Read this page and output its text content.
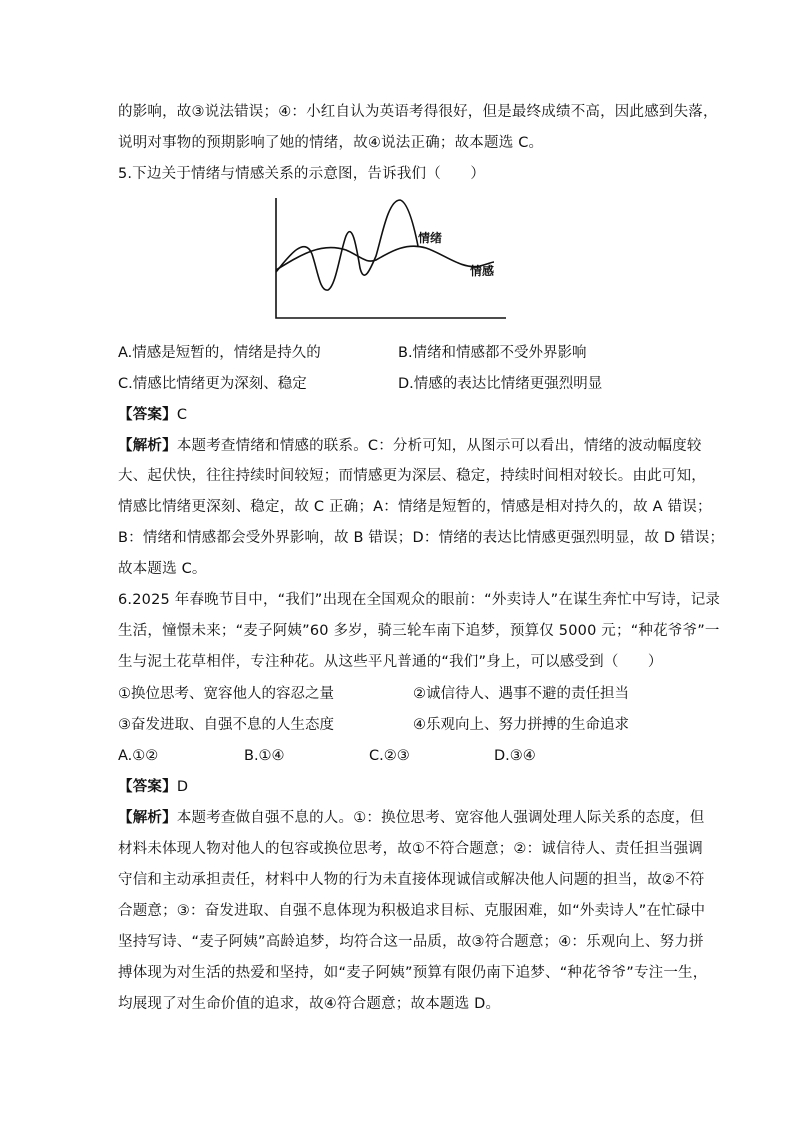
的影响，故③说法错误；④：小红自认为英语考得很好，但是最终成绩不高，因此感到失落，
说明对事物的预期影响了她的情绪，故④说法正确；故本题选 C。
5.下边关于情绪与情感关系的示意图，告诉我们（　　）
情绪
情感
A.情感是短暂的，情绪是持久的	B.情绪和情感都不受外界影响
C.情感比情绪更为深刻、稳定	D.情感的表达比情绪更强烈明显
【答案】C
【解析】本题考查情绪和情感的联系。C：分析可知，从图示可以看出，情绪的波动幅度较
大、起伏快，往往持续时间较短；而情感更为深层、稳定，持续时间相对较长。由此可知，
情感比情绪更深刻、稳定，故 C 正确；A：情绪是短暂的，情感是相对持久的，故 A 错误；
B：情绪和情感都会受外界影响，故 B 错误；D：情绪的表达比情感更强烈明显，故 D 错误；
故本题选 C。
6.2025 年春晚节目中，“我们”出现在全国观众的眼前：“外卖诗人”在谋生奔忙中写诗，记录
生活，憧憬未来；“麦子阿姨”60 多岁，骑三轮车南下追梦，预算仅 5000 元；“种花爷爷”一
生与泥土花草相伴，专注种花。从这些平凡普通的“我们”身上，可以感受到（　　）
①换位思考、宽容他人的容忍之量	②诚信待人、遇事不避的责任担当
③奋发进取、自强不息的人生态度	④乐观向上、努力拼搏的生命追求
A.①②	B.①④	C.②③	D.③④
【答案】D
【解析】本题考查做自强不息的人。①：换位思考、宽容他人强调处理人际关系的态度，但
材料未体现人物对他人的包容或换位思考，故①不符合题意；②：诚信待人、责任担当强调
守信和主动承担责任，材料中人物的行为未直接体现诚信或解决他人问题的担当，故②不符
合题意；③：奋发进取、自强不息体现为积极追求目标、克服困难，如“外卖诗人”在忙碌中
坚持写诗、“麦子阿姨”高龄追梦，均符合这一品质，故③符合题意；④：乐观向上、努力拼
搏体现为对生活的热爱和坚持，如“麦子阿姨”预算有限仍南下追梦、“种花爷爷”专注一生，
均展现了对生命价值的追求，故④符合题意；故本题选 D。
